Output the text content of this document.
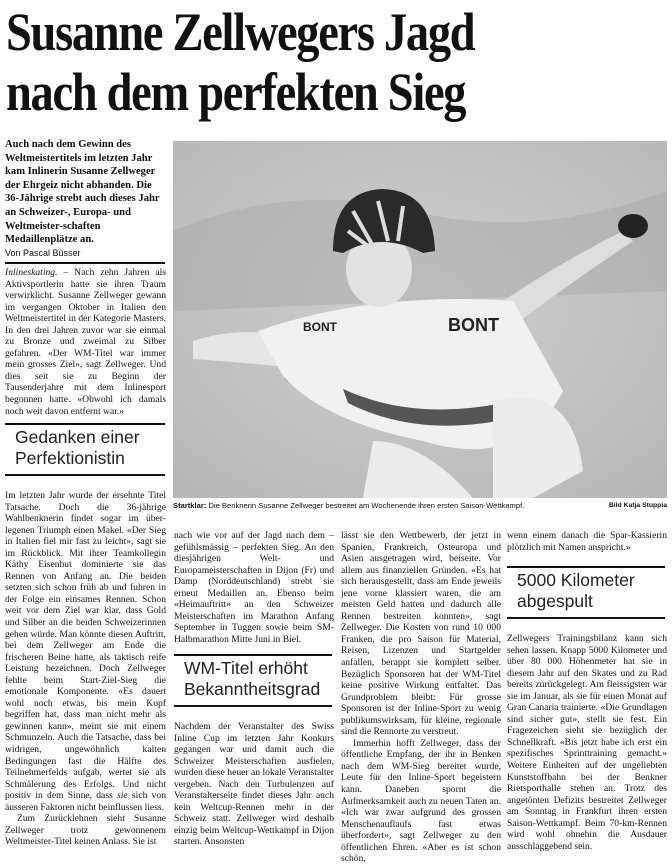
Susanne Zellwegers Jagd
nach dem perfekten Sieg
Auch nach dem Gewinn des Weltmeistertitels im letzten Jahr kam Inlinerin Susanne Zellweger der Ehrgeiz nicht abhanden. Die 36-Jährige strebt auch dieses Jahr an Schweizer-, Europa- und Weltmeister-schaften Medaillenplätze an.
Von Pascal Büsser

Inlineskating. – Nach zehn Jahren als Aktivsportlerin hatte sie ihren Traum verwirklicht. Susanne Zellweger gewann im vergangen Oktober in Italien den Weltmeistertitel in der Kategorie Masters. In den drei Jahren zuvor war sie einmal zu Bronze und zweimal zu Silber gefahren. «Der WM-Titel war immer mein grosses Ziel», sagt Zellweger. Und dies seit sie zu Beginn der Tausenderjahre mit dem Inlinesport begonnen hatte. «Obwohl ich damals noch weit davon entfernt war.»

Gedanken einer Perfektionistin

Im letzten Jahr wurde der ersehnte Titel Tatsache. Doch die 36-jährige Wahlbenknerin findet sogar im über-legenen Triumph einen Makel. «Der Sieg in Italien fiel mir fast zu leicht», sagt sie im Rückblick. Mit ihrer Teamkollegin Käthy Eisenhut dominierte sie das Rennen von Anfang an. Die beiden setzten sich schon früh ab und fuhren in der Folge ein einsames Rennen. Schon weit vor dem Ziel war klar, dass Gold und Silber an die beiden Schweizerinnen gehen würde. Man könnte diesen Auftritt, bei dem Zellweger am Ende die frischeren Beine hatte, als taktisch reife Leistung bezeichnen. Doch Zellweger fehlte beim Start-Ziel-Sieg die emotionale Komponente. «Es dauert wohl noch etwas, bis mein Kopf begriffen hat, dass man nicht mehr als gewinnen kann», meint sie mit einem Schmunzeln. Auch die Tatsache, dass bei widrigen, ungewöhnlich kalten Bedingungen fast die Hälfte des Teilnehmerfelds aufgab, wertet sie als Schmälerung des Erfolgs. Und nicht positiv in dem Sinne, dass sie sich von äusseren Faktoren nicht beinflussen liess.

Zum Zurücklehnen sieht Susanne Zellweger trotz gewonnenem Weltmeister-Titel keinen Anlass. Sie ist

BONT
BONT
Startklar: Die Benknerin Susanne Zellweger bestreitet am Wochenende ihren ersten Saison-Wettkampf.	Bild Katja Stuppia

nach wie vor auf der Jagd nach dem – gefühlsmässig – perfekten Sieg. An den diesjährigen Welt- und Europameisterschaften in Dijon (Fr) und Damp (Norddeutschland) strebt sie erneut Medaillen an. Ebenso beim «Heimauftritt» an den Schweizer Meisterschaften im Marathon Anfang September in Tuggen sowie beim SM-Halbmarathon Mitte Juni in Biel.

WM-Titel erhöht Bekanntheitsgrad

Nachdem der Veranstalter des Swiss Inline Cup im letzten Jahr Konkurs gegangen war und damit auch die Schweizer Meisterschaften ausfielen, wurden diese heuer an lokale Veranstalter vergeben. Nach den Turbulenzen auf Veranstalterseite findet dieses Jahr auch kein Weltcup-Rennen mehr in der Schweiz statt. Zellweger wird deshalb einzig beim Weltcup-Wettkampf in Dijon starten. Ansonsten

lässt sie den Wettbewerb, der jetzt in Spanien, Frankreich, Osteuropa und Asien ausgetragen wird, beiseite. Vor allem aus finanziellen Gründen. «Es hat sich herausgestellt, dass am Ende jeweils jene vorne klassiert waren, die am meisten Geld hatten und dadurch alle Rennen bestreiten konnten», sagt Zellweger. Die Kosten von rund 10 000 Franken, die pro Saison für Material, Reisen, Lizenzen und Startgelder anfallen, berappt sie komplett selber. Bezüglich Sponsoren hat der WM-Titel keine positive Wirkung entfaltet. Das Grundproblem bleibt: Für grosse Sponsoren ist der Inline-Sport zu wenig publikumswirksam, für kleine, regionale sind die Rennorte zu verstreut.

Immerhin hofft Zellweger, dass der öffentliche Empfang, der ihr in Benken nach dem WM-Sieg bereitet wurde, Leute für den Inline-Sport begeistern kann. Daneben spornt die Aufmerksamkeit auch zu neuen Taten an. «Ich war zwar aufgrund des grossen Menschenauflaufs fast etwas überfordert», sagt Zellweger zu den öffentlichen Ehren. «Aber es ist schon schön,

wenn einem danach die Spar-Kassierin plötzlich mit Namen anspricht.»

5000 Kilometer abgespult

Zellwegers Trainingsbilanz kann sich sehen lassen. Knapp 5000 Kilometer und über 80 000 Höhenmeter hat sie in diesem Jahr auf den Skates und zu Rad bereits zurückgelegt. Am fleissigsten war sie im Januar, als sie für einen Monat auf Gran Canaria trainierte. «Die Grundlagen sind sicher gut», stellt sie fest. Ein Fragezeichen sieht sie bezüglich der Schnellkraft. «Bis jetzt habe ich erst ein spezifisches Sprinttraining gemacht.» Weitere Einheiten auf der ungeliebten Kunststoffbahn bei der Benkner Rietsporthalle stehen an. Trotz des angetönten Defizits bestreitet Zellweger am Sonntag in Frankfurt ihren ersten Saison-Wettkampf. Beim 70-km-Rennen wird wohl ohnehin die Ausdauer ausschlaggebend sein.
